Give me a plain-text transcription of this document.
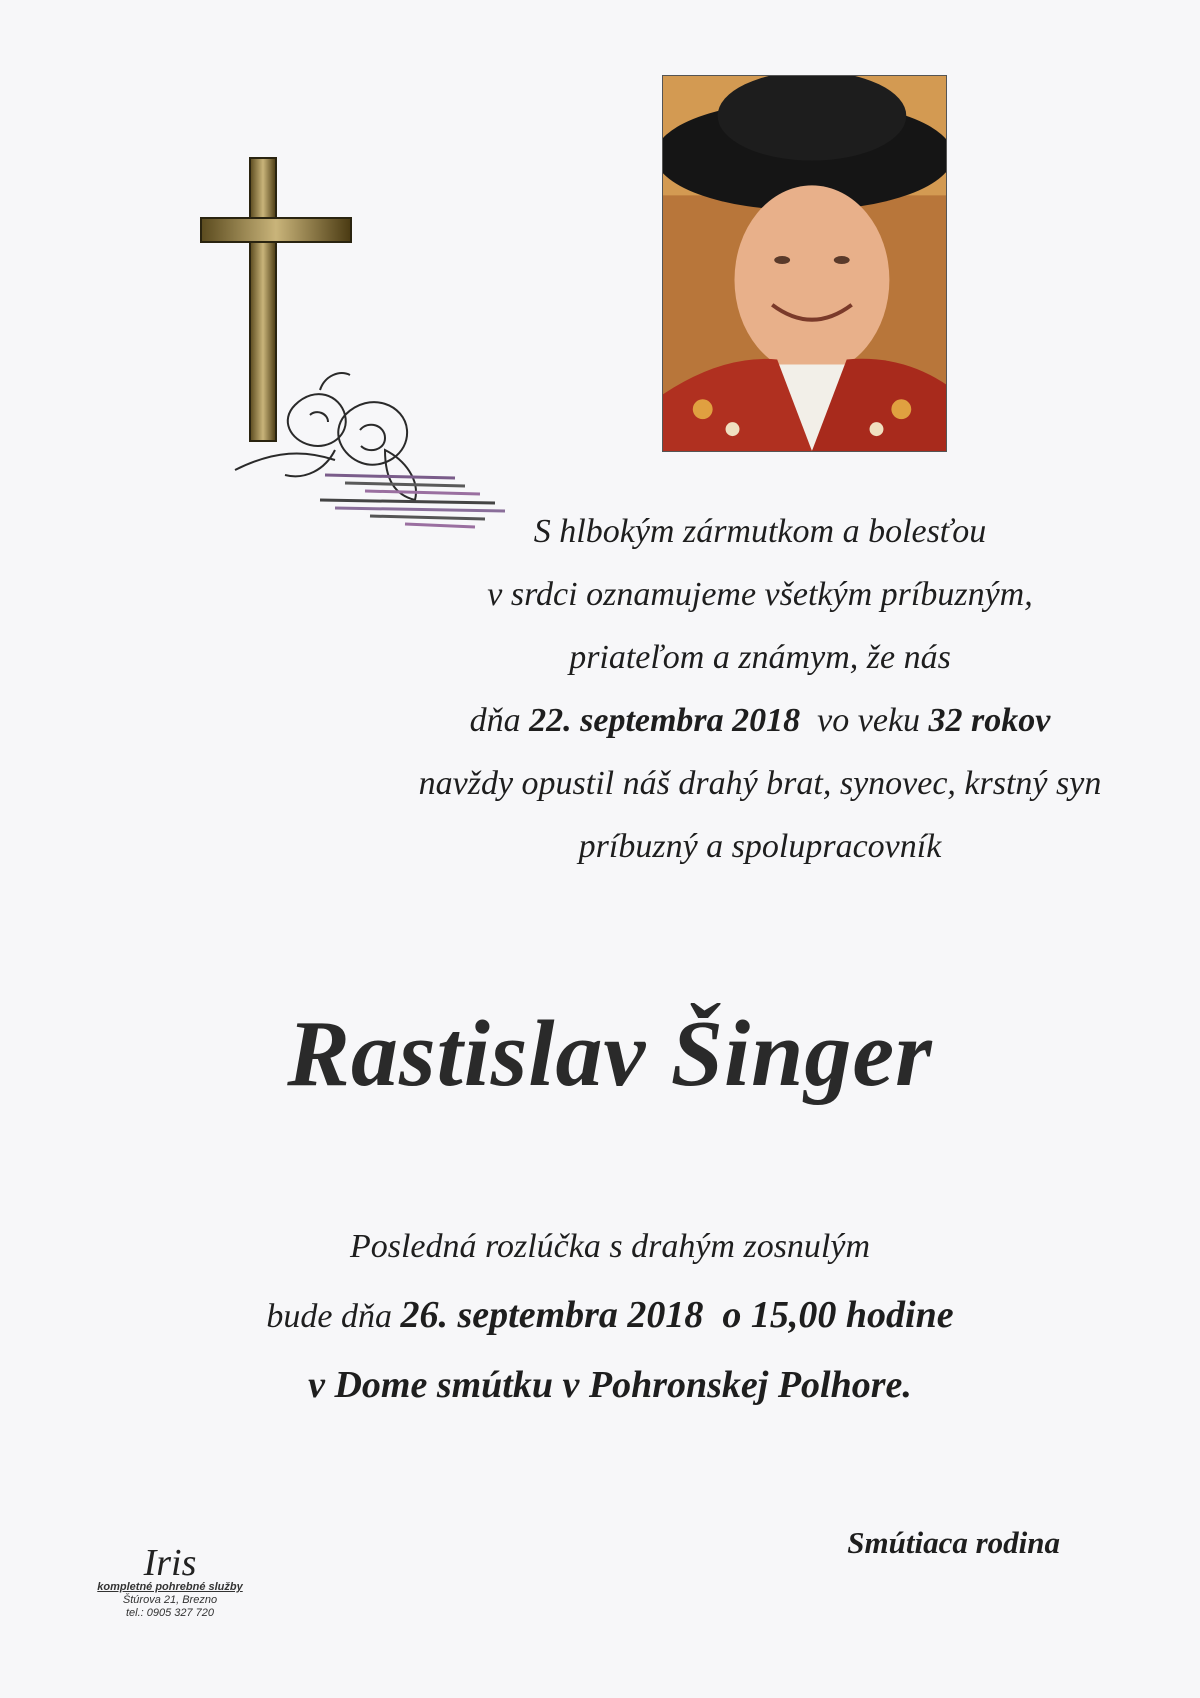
S hlbokým zármutkom a bolesťou
v srdci oznamujeme všetkým príbuzným,
priateľom a známym, že nás
dňa 22. septembra 2018  vo veku 32 rokov
navždy opustil náš drahý brat, synovec, krstný syn
príbuzný a spolupracovník
Rastislav Šinger
Posledná rozlúčka s drahým zosnulým
bude dňa 26. septembra 2018  o 15,00 hodine
v Dome smútku v Pohronskej Polhore.
Smútiaca rodina
Iris
kompletné pohrebné služby
Štúrova 21, Brezno
tel.: 0905 327 720
